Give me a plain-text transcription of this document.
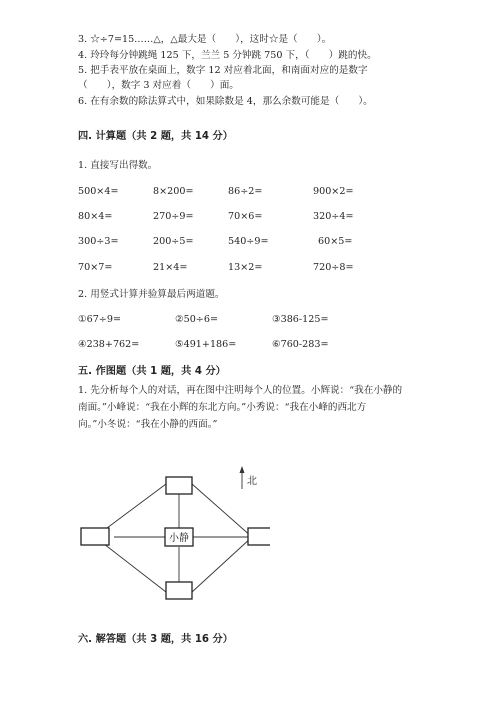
3. ☆÷7=15……△，△最大是（　　），这时☆是（　　）。
4. 玲玲每分钟跳绳 125 下，兰兰 5 分钟跳 750 下，（　　）跳的快。
5. 把手表平放在桌面上，数字 12 对应着北面，和南面对应的是数字
（　　），数字 3 对应着（　　）面。
6. 在有余数的除法算式中，如果除数是 4，那么余数可能是（　　）。
四. 计算题（共 2 题，共 14 分）
1. 直接写出得数。
500×4=	8×200=	86÷2=	900×2=
80×4=	270÷9=	70×6=	320÷4=
300÷3=	200÷5=	540÷9=	60×5=
70×7=	21×4=	13×2=	720÷8=
2. 用竖式计算并验算最后两道题。
①67÷9=	②50÷6=	③386-125=
④238+762=	⑤491+186=	⑥760-283=
五. 作图题（共 1 题，共 4 分）
1. 先分析每个人的对话，再在图中注明每个人的位置。小辉说：“我在小静的
南面。”小峰说：“我在小辉的东北方向。”小秀说：“我在小峰的西北方
向。”小冬说：“我在小静的西面。”
小静
北
六. 解答题（共 3 题，共 16 分）
